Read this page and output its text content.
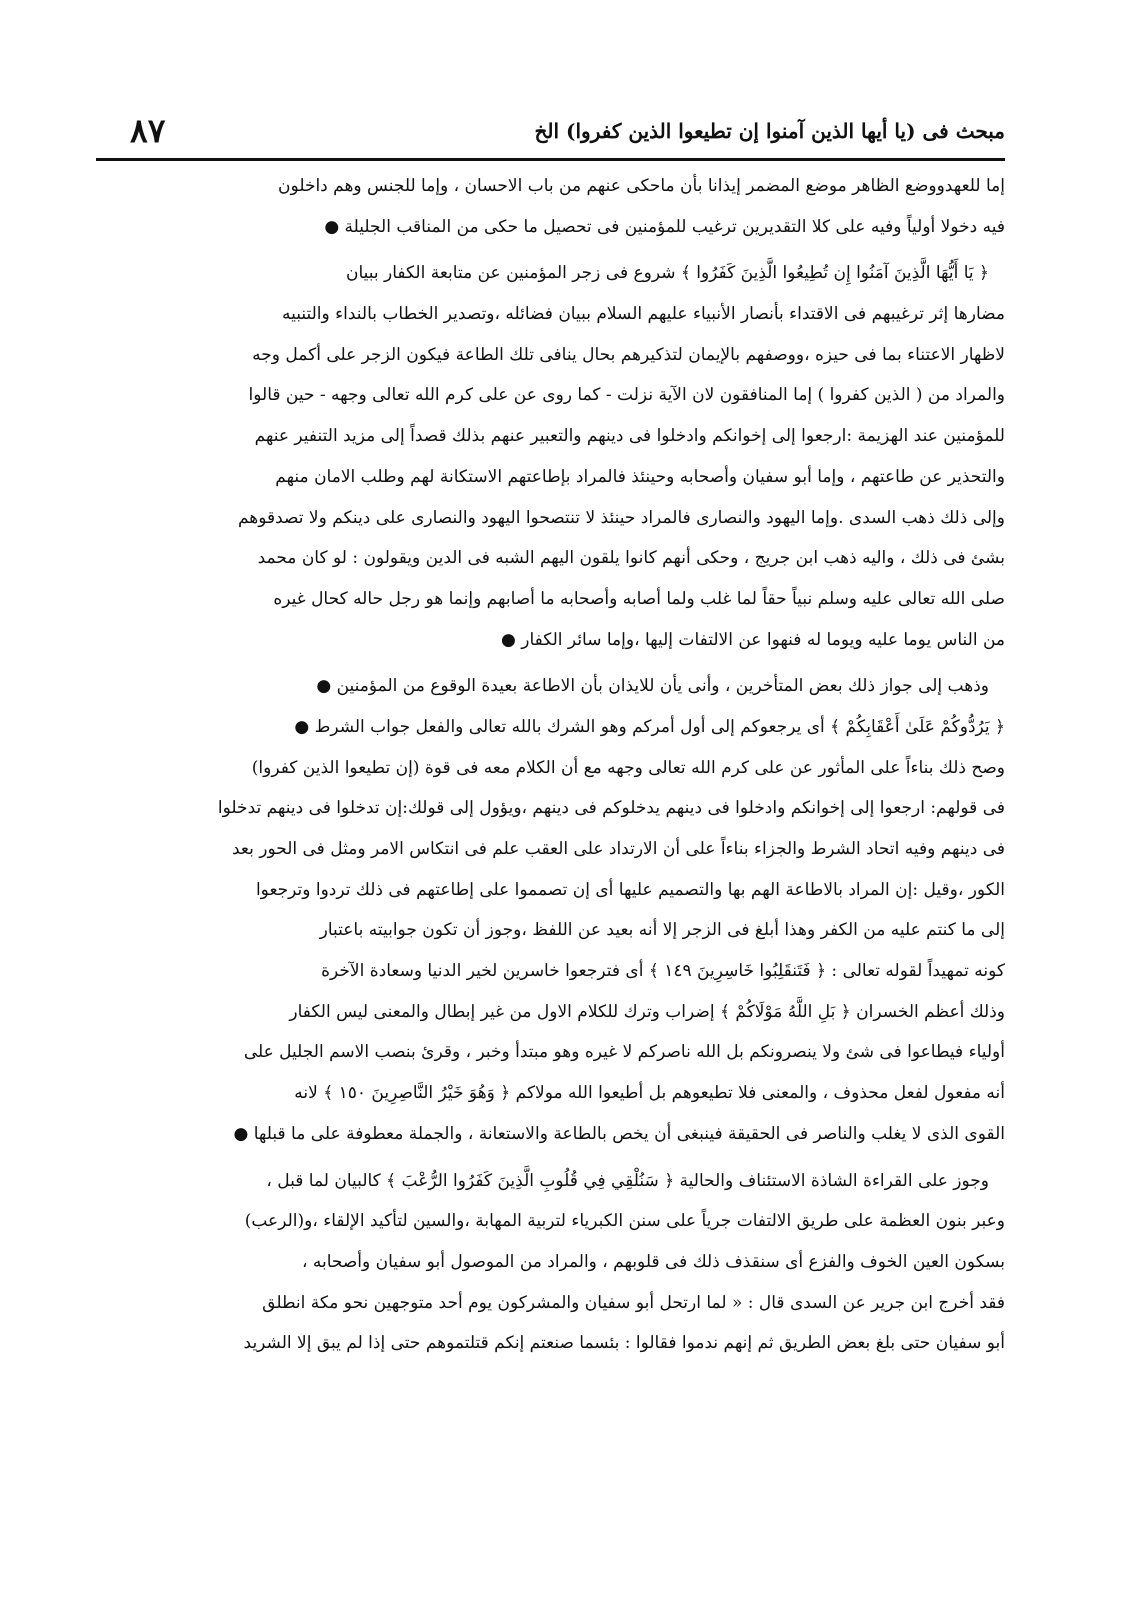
٨٧	مبحث فى (يا أيها الذين آمنوا إن تطيعوا الذين كفروا) الخ
إما للعهدووضع الظاهر موضع المضمر إيذانا بأن ماحكى عنهم من باب الاحسان ، وإما للجنس وهم داخلون
فيه دخولا أولياً وفيه على كلا التقديرين ترغيب للمؤمنين فى تحصيل ما حكى من المناقب الجليلة ●
﴿ يَا أَيُّهَا الَّذِينَ آمَنُوا إِن تُطِيعُوا الَّذِينَ كَفَرُوا ﴾ شروع فى زجر المؤمنين عن متابعة الكفار ببيان
مضارها إثر ترغيبهم فى الاقتداء بأنصار الأنبياء عليهم السلام ببيان فضائله ،وتصدير الخطاب بالنداء والتنبيه
لاظهار الاعتناء بما فى حيزه ،ووصفهم بالإيمان لتذكيرهم بحال ينافى تلك الطاعة فيكون الزجر على أكمل وجه
والمراد من ( الذين كفروا ) إما المنافقون لان الآية نزلت - كما روى عن على كرم الله تعالى وجهه - حين قالوا
للمؤمنين عند الهزيمة :ارجعوا إلى إخوانكم وادخلوا فى دينهم والتعبير عنهم بذلك قصداً إلى مزيد التنفير عنهم
والتحذير عن طاعتهم ، وإما أبو سفيان وأصحابه وحينئذ فالمراد بإطاعتهم الاستكانة لهم وطلب الامان منهم
وإلى ذلك ذهب السدى .وإما اليهود والنصارى فالمراد حينئذ لا تنتصحوا اليهود والنصارى على دينكم ولا تصدقوهم
بشئ فى ذلك ، واليه ذهب ابن جريج ، وحكى أنهم كانوا يلقون اليهم الشبه فى الدين ويقولون : لو كان محمد
صلى الله تعالى عليه وسلم نبياً حقاً لما غلب ولما أصابه وأصحابه ما أصابهم وإنما هو رجل حاله كحال غيره
من الناس يوما عليه ويوما له فنهوا عن الالتفات إليها ،وإما سائر الكفار ●
وذهب إلى جواز ذلك بعض المتأخرين ، وأنى يأن للايذان بأن الاطاعة بعيدة الوقوع من المؤمنين ●
﴿ يَرُدُّوكُمْ عَلَىٰ أَعْقَابِكُمْ ﴾ أى يرجعوكم إلى أول أمركم وهو الشرك بالله تعالى والفعل جواب الشرط ●
وصح ذلك بناءاً على المأثور عن على كرم الله تعالى وجهه مع أن الكلام معه فى قوة (إن تطيعوا الذين كفروا)
فى قولهم: ارجعوا إلى إخوانكم وادخلوا فى دينهم يدخلوكم فى دينهم ،ويؤول إلى قولك:إن تدخلوا فى دينهم تدخلوا
فى دينهم وفيه اتحاد الشرط والجزاء بناءاً على أن الارتداد على العقب علم فى انتكاس الامر ومثل فى الحور بعد
الكور ،وقيل :إن المراد بالاطاعة الهم بها والتصميم عليها أى إن تصمموا على إطاعتهم فى ذلك تردوا وترجعوا
إلى ما كنتم عليه من الكفر وهذا أبلغ فى الزجر إلا أنه بعيد عن اللفظ ،وجوز أن تكون جوابيته باعتبار
كونه تمهيداً لقوله تعالى : ﴿ فَتَنقَلِبُوا خَاسِرِينَ ١٤٩ ﴾ أى فترجعوا خاسرين لخير الدنيا وسعادة الآخرة
وذلك أعظم الخسران ﴿ بَلِ اللَّهُ مَوْلَاكُمْ ﴾ إضراب وترك للكلام الاول من غير إبطال والمعنى ليس الكفار
أولياء فيطاعوا فى شئ ولا ينصرونكم بل الله ناصركم لا غيره وهو مبتدأ وخبر ، وقرئ بنصب الاسم الجليل على
أنه مفعول لفعل محذوف ، والمعنى فلا تطيعوهم بل أطيعوا الله مولاكم ﴿ وَهُوَ خَيْرُ النَّاصِرِينَ ١٥٠ ﴾ لانه
القوى الذى لا يغلب والناصر فى الحقيقة فينبغى أن يخص بالطاعة والاستعانة ، والجملة معطوفة على ما قبلها ●
وجوز على القراءة الشاذة الاستئناف والحالية ﴿ سَنُلْقِي فِي قُلُوبِ الَّذِينَ كَفَرُوا الرُّعْبَ ﴾ كالبيان لما قبل ،
وعبر بنون العظمة على طريق الالتفات جرياً على سنن الكبرياء لتربية المهابة ،والسين لتأكيد الإلقاء ،و(الرعب)
بسكون العين الخوف والفزع أى سنقذف ذلك فى قلوبهم ، والمراد من الموصول أبو سفيان وأصحابه ،
فقد أخرج ابن جرير عن السدى قال : « لما ارتحل أبو سفيان والمشركون يوم أحد متوجهين نحو مكة انطلق
أبو سفيان حتى بلغ بعض الطريق ثم إنهم ندموا فقالوا : بئسما صنعتم إنكم قتلتموهم حتى إذا لم يبق إلا الشريد
